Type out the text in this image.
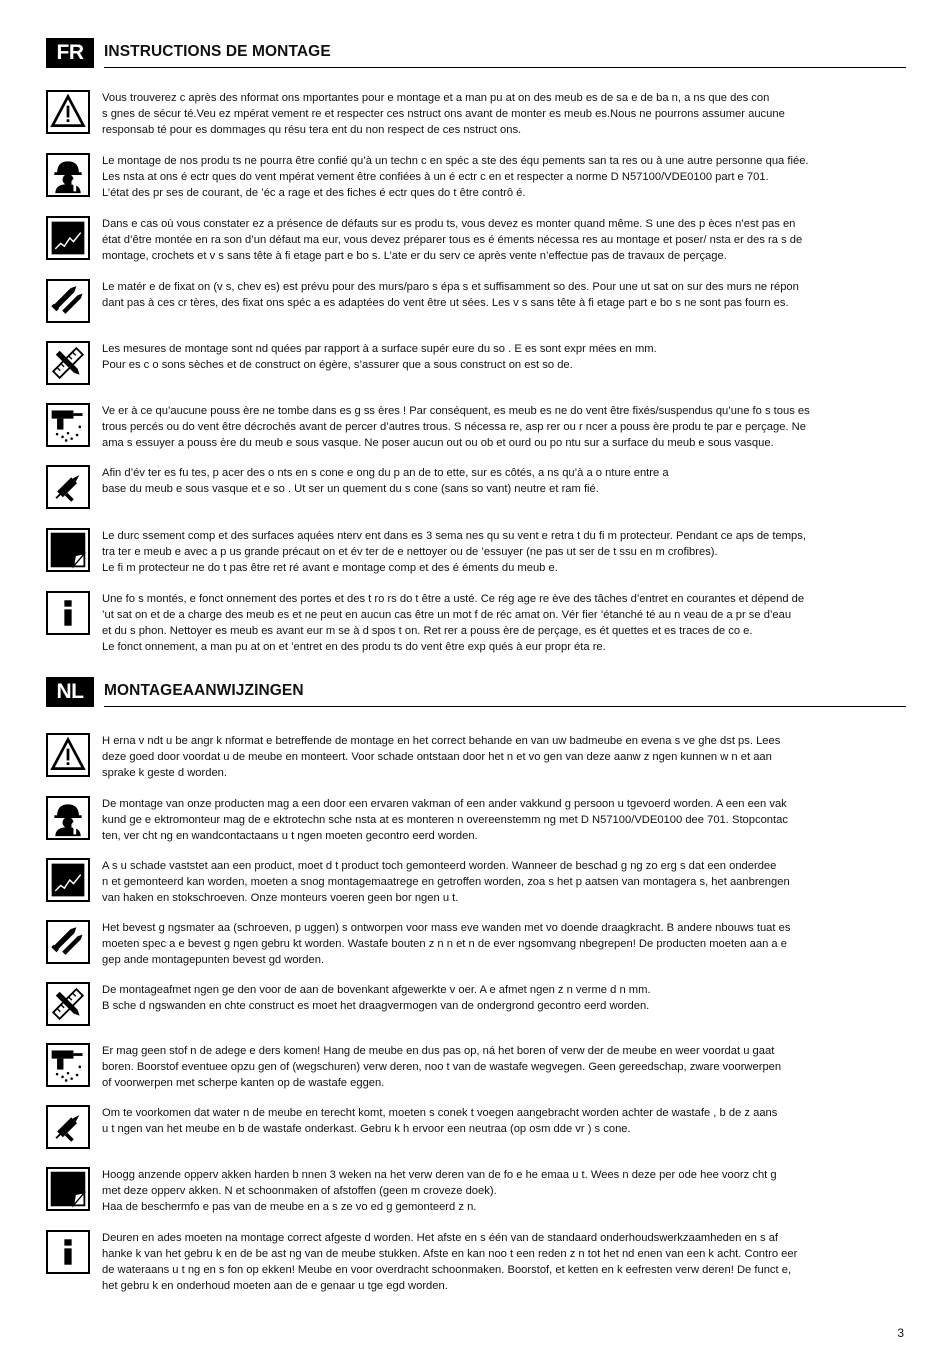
FR	INSTRUCTIONS DE MONTAGE
Vous trouverez c après des nformat ons mportantes pour e montage et a man pu at on des meub es de sa e de ba n, a ns que des con
s gnes de sécur té.Veu ez mpérat vement re et respecter ces nstruct ons avant de monter es meub es.Nous ne pourrons assumer aucune
responsab té pour es dommages qu résu tera ent du non respect de ces nstruct ons.
Le montage de nos produ ts ne pourra être confié qu’à un techn c en spéc a ste des équ pements san ta res ou à une autre personne qua fiée.
Les nsta at ons é ectr ques do vent mpérat vement être confiées à un é ectr c en et respecter a norme D N57100/VDE0100 part e 701.
L’état des pr ses de courant, de ’éc a rage et des fiches é ectr ques do t être contrô é.
Dans e cas où vous constater ez a présence de défauts sur es produ ts, vous devez es monter quand même. S une des p èces n’est pas en
état d’être montée en ra son d’un défaut ma eur, vous devez préparer tous es é éments nécessa res au montage et poser/ nsta er des ra s de
montage, crochets et v s sans tête à fi etage part e bo s. L’ate er du serv ce après vente n’effectue pas de travaux de perçage.
Le matér e de fixat on (v s, chev es) est prévu pour des murs/paro s épa s et suffisamment so des. Pour une ut sat on sur des murs ne répon
dant pas à ces cr tères, des fixat ons spéc a es adaptées do vent être ut sées. Les v s sans tête à fi etage part e bo s ne sont pas fourn es.
Les mesures de montage sont nd quées par rapport à a surface supér eure du so . E es sont expr mées en mm.
Pour es c o sons sèches et de construct on égère, s’assurer que a sous construct on est so de.
Ve er à ce qu’aucune pouss ère ne tombe dans es g ss ères ! Par conséquent, es meub es ne do vent être fixés/suspendus qu’une fo s tous es
trous percés ou do vent être décrochés avant de percer d’autres trous. S nécessa re, asp rer ou r ncer a pouss ère produ te par e perçage. Ne
ama s essuyer a pouss ère du meub e sous vasque. Ne poser aucun out ou ob et ourd ou po ntu sur a surface du meub e sous vasque.
Afin d’év ter es fu tes, p acer des o nts en s cone e ong du p an de to ette, sur es côtés, a ns qu’à a o nture entre a
base du meub e sous vasque et e so . Ut ser un quement du s cone (sans so vant) neutre et ram fié.
Le durc ssement comp et des surfaces aquées nterv ent dans es 3 sema nes qu su vent e retra t du fi m protecteur. Pendant ce aps de temps,
tra ter e meub e avec a p us grande précaut on et év ter de e nettoyer ou de ’essuyer (ne pas ut ser de t ssu en m crofibres).
Le fi m protecteur ne do t pas être ret ré avant e montage comp et des é éments du meub e.
Une fo s montés, e fonct onnement des portes et des t ro rs do t être a usté. Ce rég age re ève des tâches d’entret en courantes et dépend de
’ut sat on et de a charge des meub es et ne peut en aucun cas être un mot f de réc amat on. Vér fier ’étanché té au n veau de a pr se d’eau
et du s phon. Nettoyer es meub es avant eur m se à d spos t on. Ret rer a pouss ère de perçage, es ét quettes et es traces de co e.
Le fonct onnement, a man pu at on et ’entret en des produ ts do vent être exp qués à eur propr éta re.
NL	MONTAGEAANWIJZINGEN
H erna v ndt u be angr k nformat e betreffende de montage en het correct behande en van uw badmeube en evena s ve ghe dst ps. Lees
deze goed door voordat u de meube en monteert. Voor schade ontstaan door het n et vo gen van deze aanw z ngen kunnen w n et aan
sprake k geste d worden.
De montage van onze producten mag a een door een ervaren vakman of een ander vakkund g persoon u tgevoerd worden. A een een vak
kund ge e ektromonteur mag de e ektrotechn sche nsta at es monteren n overeenstemm ng met D N57100/VDE0100 dee 701. Stopcontac
ten, ver cht ng en wandcontactaans u t ngen moeten gecontro eerd worden.
A s u schade vaststet aan een product, moet d t product toch gemonteerd worden. Wanneer de beschad g ng zo erg s dat een onderdee
n et gemonteerd kan worden, moeten a snog montagemaatrege en getroffen worden, zoa s het p aatsen van montagera s, het aanbrengen
van haken en stokschroeven. Onze monteurs voeren geen bor ngen u t.
Het bevest g ngsmater aa (schroeven, p uggen) s ontworpen voor mass eve wanden met vo doende draagkracht. B andere nbouws tuat es
moeten spec a e bevest g ngen gebru kt worden. Wastafe bouten z n n et n de ever ngsomvang nbegrepen! De producten moeten aan a e
gep ande montagepunten bevest gd worden.
De montageafmet ngen ge den voor de aan de bovenkant afgewerkte v oer. A e afmet ngen z n verme d n mm.
B sche d ngswanden en chte construct es moet het draagvermogen van de ondergrond gecontro eerd worden.
Er mag geen stof n de adege e ders komen! Hang de meube en dus pas op, ná het boren of verw der de meube en weer voordat u gaat
boren. Boorstof eventuee opzu gen of (wegschuren) verw deren, noo t van de wastafe wegvegen. Geen gereedschap, zware voorwerpen
of voorwerpen met scherpe kanten op de wastafe eggen.
Om te voorkomen dat water n de meube en terecht komt, moeten s conek t voegen aangebracht worden achter de wastafe , b de z aans
u t ngen van het meube en b de wastafe onderkast. Gebru k h ervoor een neutraa (op osm dde vr ) s cone.
Hoogg anzende opperv akken harden b nnen 3 weken na het verw deren van de fo e he emaa u t. Wees n deze per ode hee voorz cht g
met deze opperv akken. N et schoonmaken of afstoffen (geen m croveze doek).
Haa de beschermfo e pas van de meube en a s ze vo ed g gemonteerd z n.
Deuren en ades moeten na montage correct afgeste d worden. Het afste en s één van de standaard onderhoudswerkzaamheden en s af
hanke k van het gebru k en de be ast ng van de meube stukken. Afste en kan noo t een reden z n tot het nd enen van een k acht. Contro eer
de wateraans u t ng en s fon op ekken! Meube en voor overdracht schoonmaken. Boorstof, et ketten en k eefresten verw deren! De funct e,
het gebru k en onderhoud moeten aan de e genaar u tge egd worden.
3
